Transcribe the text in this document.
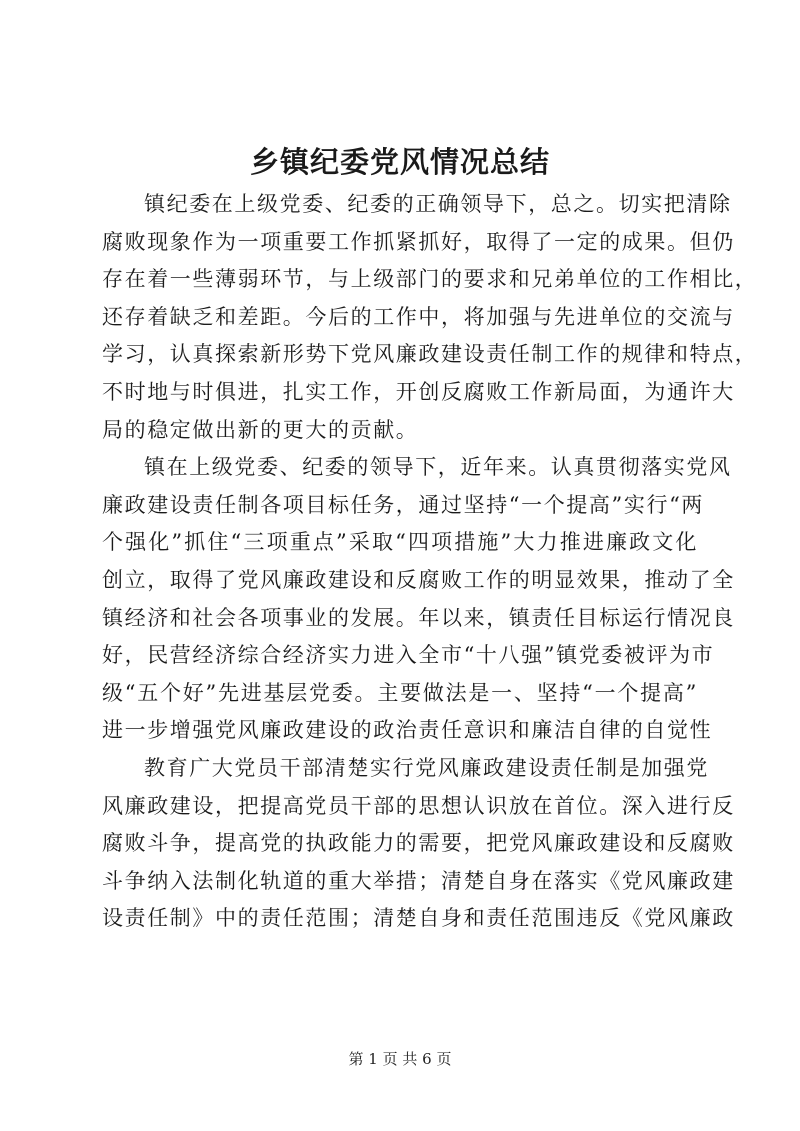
乡镇纪委党风情况总结
镇纪委在上级党委、纪委的正确领导下，总之。切实把清除
腐败现象作为一项重要工作抓紧抓好，取得了一定的成果。但仍
存在着一些薄弱环节，与上级部门的要求和兄弟单位的工作相比，
还存着缺乏和差距。今后的工作中，将加强与先进单位的交流与
学习，认真探索新形势下党风廉政建设责任制工作的规律和特点，
不时地与时俱进，扎实工作，开创反腐败工作新局面，为通许大
局的稳定做出新的更大的贡献。
镇在上级党委、纪委的领导下，近年来。认真贯彻落实党风
廉政建设责任制各项目标任务，通过坚持“一个提高”实行“两
个强化”抓住“三项重点”采取“四项措施”大力推进廉政文化
创立，取得了党风廉政建设和反腐败工作的明显效果，推动了全
镇经济和社会各项事业的发展。年以来，镇责任目标运行情况良
好，民营经济综合经济实力进入全市“十八强”镇党委被评为市
级“五个好”先进基层党委。主要做法是一、坚持“一个提高”
进一步增强党风廉政建设的政治责任意识和廉洁自律的自觉性
教育广大党员干部清楚实行党风廉政建设责任制是加强党
风廉政建设，把提高党员干部的思想认识放在首位。深入进行反
腐败斗争，提高党的执政能力的需要，把党风廉政建设和反腐败
斗争纳入法制化轨道的重大举措；清楚自身在落实《党风廉政建
设责任制》中的责任范围；清楚自身和责任范围违反《党风廉政
第 1 页 共 6 页
